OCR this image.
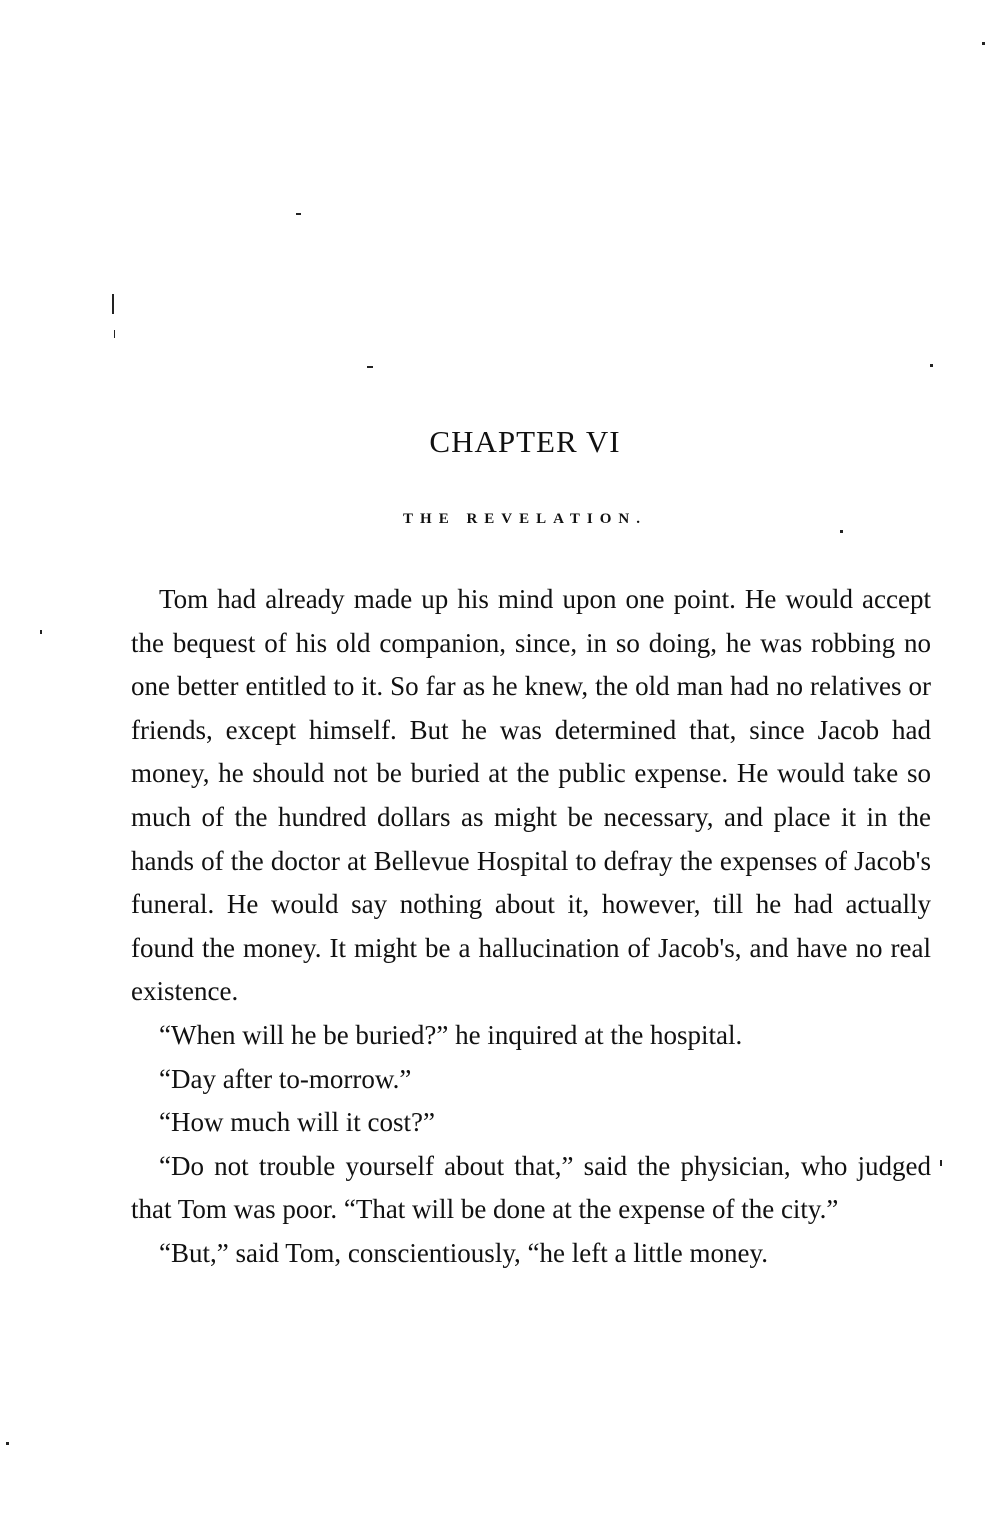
CHAPTER VI
THE REVELATION.

Tom had already made up his mind upon one point. He would accept the bequest of his old companion, since, in so doing, he was robbing no one better entitled to it. So far as he knew, the old man had no relatives or friends, except himself. But he was determined that, since Jacob had money, he should not be buried at the public expense. He would take so much of the hundred dollars as might be necessary, and place it in the hands of the doctor at Bellevue Hospital to defray the expenses of Jacob's funeral. He would say nothing about it, however, till he had actually found the money. It might be a hallucination of Jacob's, and have no real existence.

“When will he be buried?” he inquired at the hospital.

“Day after to-morrow.”

“How much will it cost?”

“Do not trouble yourself about that,” said the physician, who judged that Tom was poor. “That will be done at the expense of the city.”

“But,” said Tom, conscientiously, “he left a little money.
